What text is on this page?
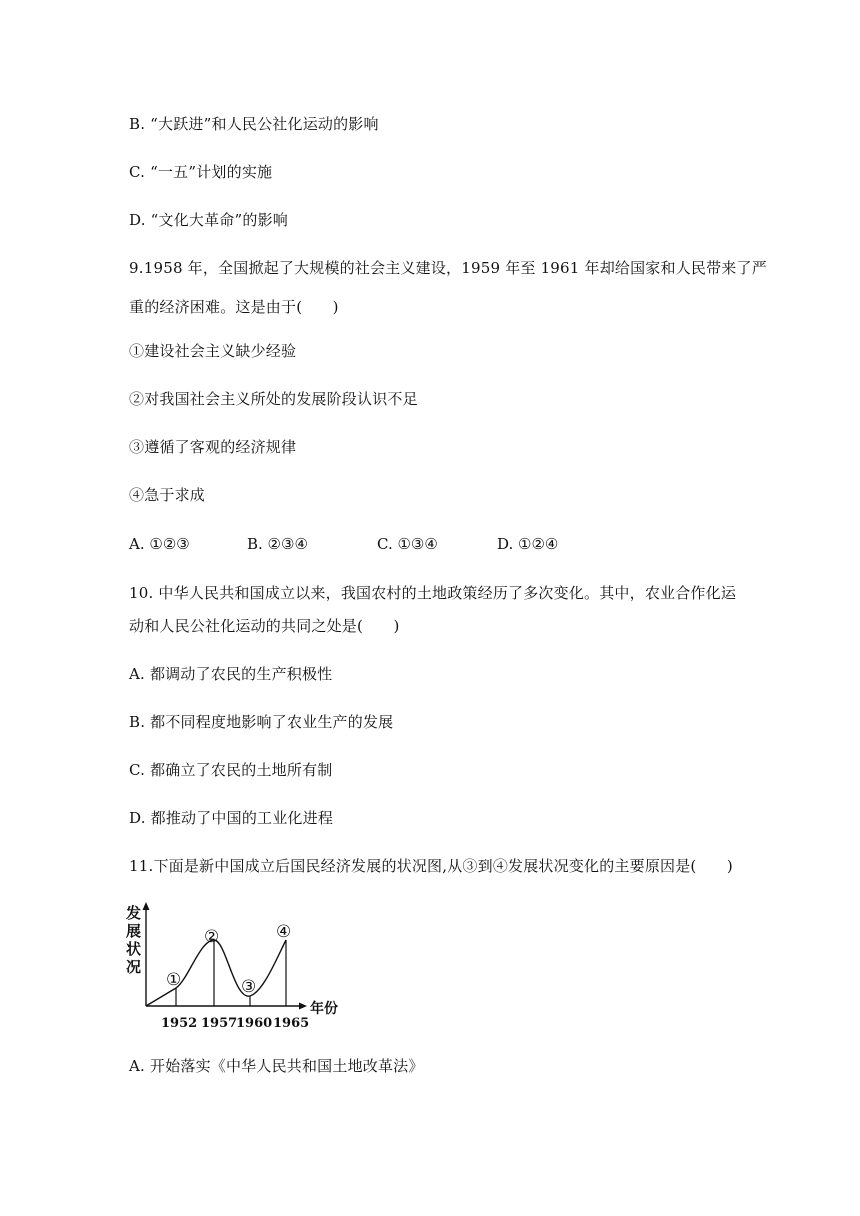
B. “大跃进”和人民公社化运动的影响
C. “一五”计划的实施
D. “文化大革命”的影响
9.1958 年，全国掀起了大规模的社会主义建设，1959 年至 1961 年却给国家和人民带来了严
重的经济困难。这是由于(　　)
①建设社会主义缺少经验
②对我国社会主义所处的发展阶段认识不足
③遵循了客观的经济规律
④急于求成
A. ①②③	B. ②③④	C. ①③④	D. ①②④
10. 中华人民共和国成立以来，我国农村的土地政策经历了多次变化。其中，农业合作化运
动和人民公社化运动的共同之处是(　　)
A. 都调动了农民的生产积极性
B. 都不同程度地影响了农业生产的发展
C. 都确立了农民的土地所有制
D. 都推动了中国的工业化进程
11.下面是新中国成立后国民经济发展的状况图,从③到④发展状况变化的主要原因是(　　)
发
展
状
况
年份
①
②
③
④
1952 1957
1960 1965
A. 开始落实《中华人民共和国土地改革法》
